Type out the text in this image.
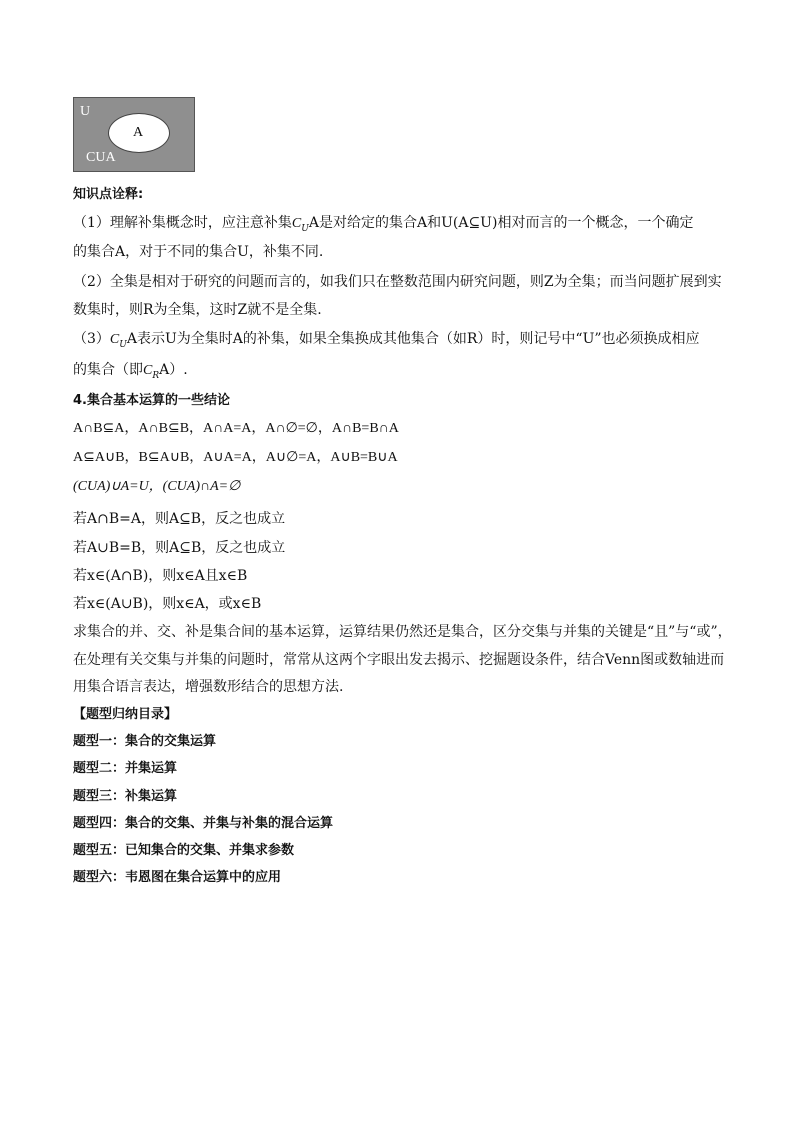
U
A
CUA
知识点诠释:
（1）理解补集概念时，应注意补集$C_UA$是对给定的集合A和U(A⊆U)相对而言的一个概念，一个确定
的集合A，对于不同的集合U，补集不同.
（2）全集是相对于研究的问题而言的，如我们只在整数范围内研究问题，则Z为全集；而当问题扩展到实
数集时，则R为全集，这时Z就不是全集.
$(3)C_UA$表示U为全集时A的补集，如果全集换成其他集合（如R）时，则记号中“U”也必须换成相应
的集合（即$C_RA$）.
4.集合基本运算的一些结论
A∩B⊆A，A∩B⊆B，A∩A=A，A∩∅=∅，A∩B=B∩A
A⊆A∪B，B⊆A∪B，A∪A=A，A∪∅=A，A∪B=B∪A
(CUA)∪A=U，(CUA)∩A=∅
若A∩B=A，则A⊆B，反之也成立
若A∪B=B，则A⊆B，反之也成立
若x∈(A∩B)，则x∈A且x∈B
若x∈(A∪B)，则x∈A，或x∈B
求集合的并、交、补是集合间的基本运算，运算结果仍然还是集合，区分交集与并集的关键是“且”与“或”，
在处理有关交集与并集的问题时，常常从这两个字眼出发去揭示、挖掘题设条件，结合Venn图或数轴进而
用集合语言表达，增强数形结合的思想方法.
【题型归纳目录】
题型一：集合的交集运算
题型二：并集运算
题型三：补集运算
题型四：集合的交集、并集与补集的混合运算
题型五：已知集合的交集、并集求参数
题型六：韦恩图在集合运算中的应用
